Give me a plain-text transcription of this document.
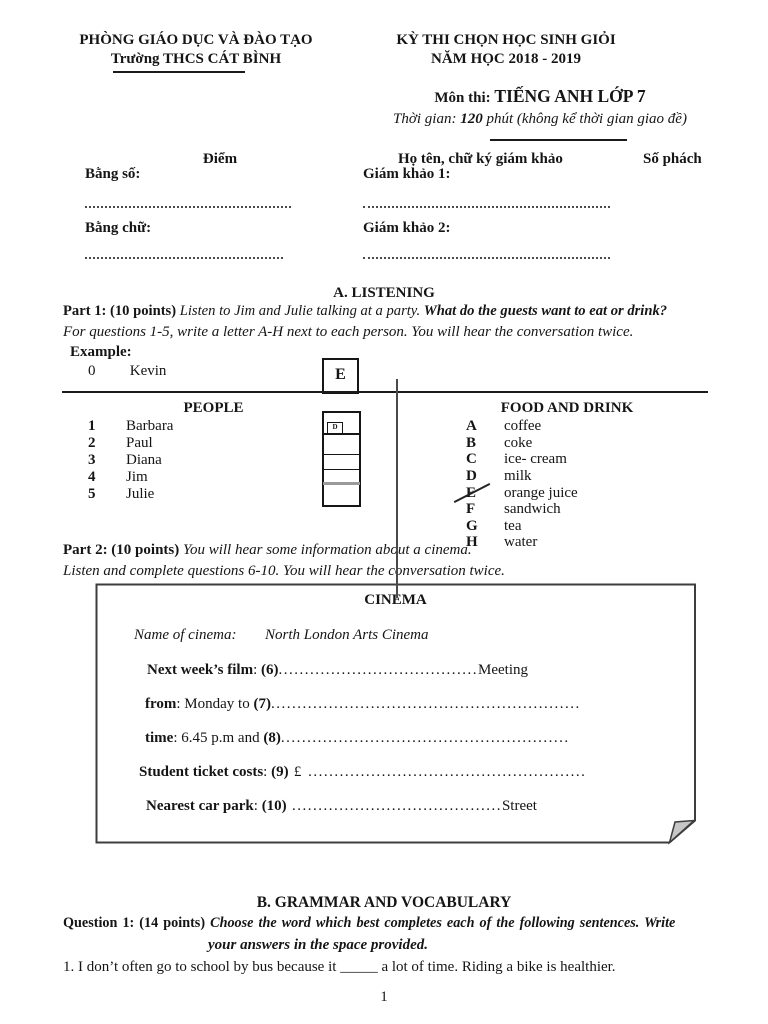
PHÒNG GIÁO DỤC VÀ ĐÀO TẠO
Trường THCS CÁT BÌNH
KỲ THI CHỌN HỌC SINH GIỎI
NĂM HỌC 2018 - 2019
Môn thi: TIẾNG ANH LỚP 7
Thời gian: 120 phút (không kể thời gian giao đề)
Điểm	Họ tên, chữ ký giám khảo	Số phách
Bằng số:	Giám khảo 1:
Bằng chữ:	Giám khảo 2:
A. LISTENING
Part 1: (10 points) Listen to Jim and Julie talking at a party. What do the guests want to eat or drink?
For questions 1-5, write a letter A-H next to each person. You will hear the conversation twice.
Example:
0 Kevin	E
PEOPLE
1 Barbara
2 Paul
3 Diana
4 Jim
5 Julie
D
FOOD AND DRINK
A coffee
B coke
C ice- cream
D milk
E orange juice
F sandwich
G tea
H water
Part 2: (10 points) You will hear some information about a cinema.
Listen and complete questions 6-10. You will hear the conversation twice.
CINEMA
Name of cinema: North London Arts Cinema
Next week’s film: (6)......................................Meeting
from: Monday to (7)...........................................................
time: 6.45 p.m and (8).......................................................
Student ticket costs: (9) £ .....................................................
Nearest car park: (10) ........................................Street
B. GRAMMAR AND VOCABULARY
Question 1: (14 points) Choose the word which best completes each of the following sentences. Write
your answers in the space provided.
1. I don’t often go to school by bus because it _____ a lot of time. Riding a bike is healthier.
1
